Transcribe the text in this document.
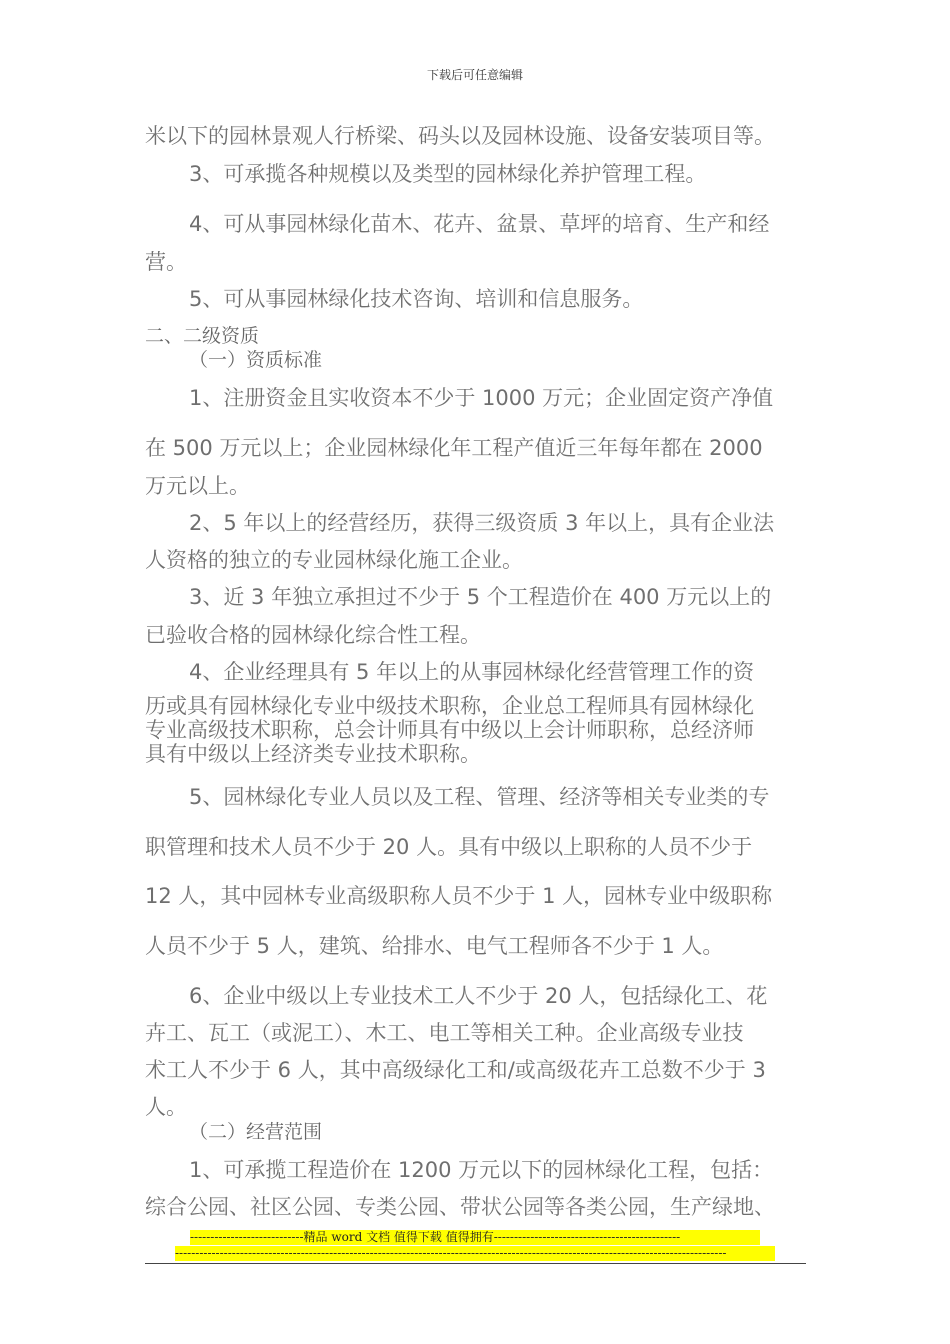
下载后可任意编辑
米以下的园林景观人行桥梁、码头以及园林设施、设备安装项目等。
3、可承揽各种规模以及类型的园林绿化养护管理工程。
4、可从事园林绿化苗木、花卉、盆景、草坪的培育、生产和经
营。
5、可从事园林绿化技术咨询、培训和信息服务。
二、二级资质
（一）资质标准
1、注册资金且实收资本不少于 1000 万元；企业固定资产净值
在 500 万元以上；企业园林绿化年工程产值近三年每年都在 2000
万元以上。
2、5 年以上的经营经历，获得三级资质 3 年以上，具有企业法
人资格的独立的专业园林绿化施工企业。
3、近 3 年独立承担过不少于 5 个工程造价在 400 万元以上的
已验收合格的园林绿化综合性工程。
4、企业经理具有 5 年以上的从事园林绿化经营管理工作的资
历或具有园林绿化专业中级技术职称，企业总工程师具有园林绿化
专业高级技术职称，总会计师具有中级以上会计师职称，总经济师
具有中级以上经济类专业技术职称。
5、园林绿化专业人员以及工程、管理、经济等相关专业类的专
职管理和技术人员不少于 20 人。具有中级以上职称的人员不少于
12 人，其中园林专业高级职称人员不少于 1 人，园林专业中级职称
人员不少于 5 人，建筑、给排水、电气工程师各不少于 1 人。
6、企业中级以上专业技术工人不少于 20 人，包括绿化工、花
卉工、瓦工（或泥工）、木工、电工等相关工种。企业高级专业技
术工人不少于 6 人，其中高级绿化工和/或高级花卉工总数不少于 3
人。
（二）经营范围
1、可承揽工程造价在 1200 万元以下的园林绿化工程，包括：
综合公园、社区公园、专类公园、带状公园等各类公园，生产绿地、
----------------------------精品 word 文档 值得下载 值得拥有----------------------------------------------
----------------------------------------------------------------------------------------------------------------------------------------
